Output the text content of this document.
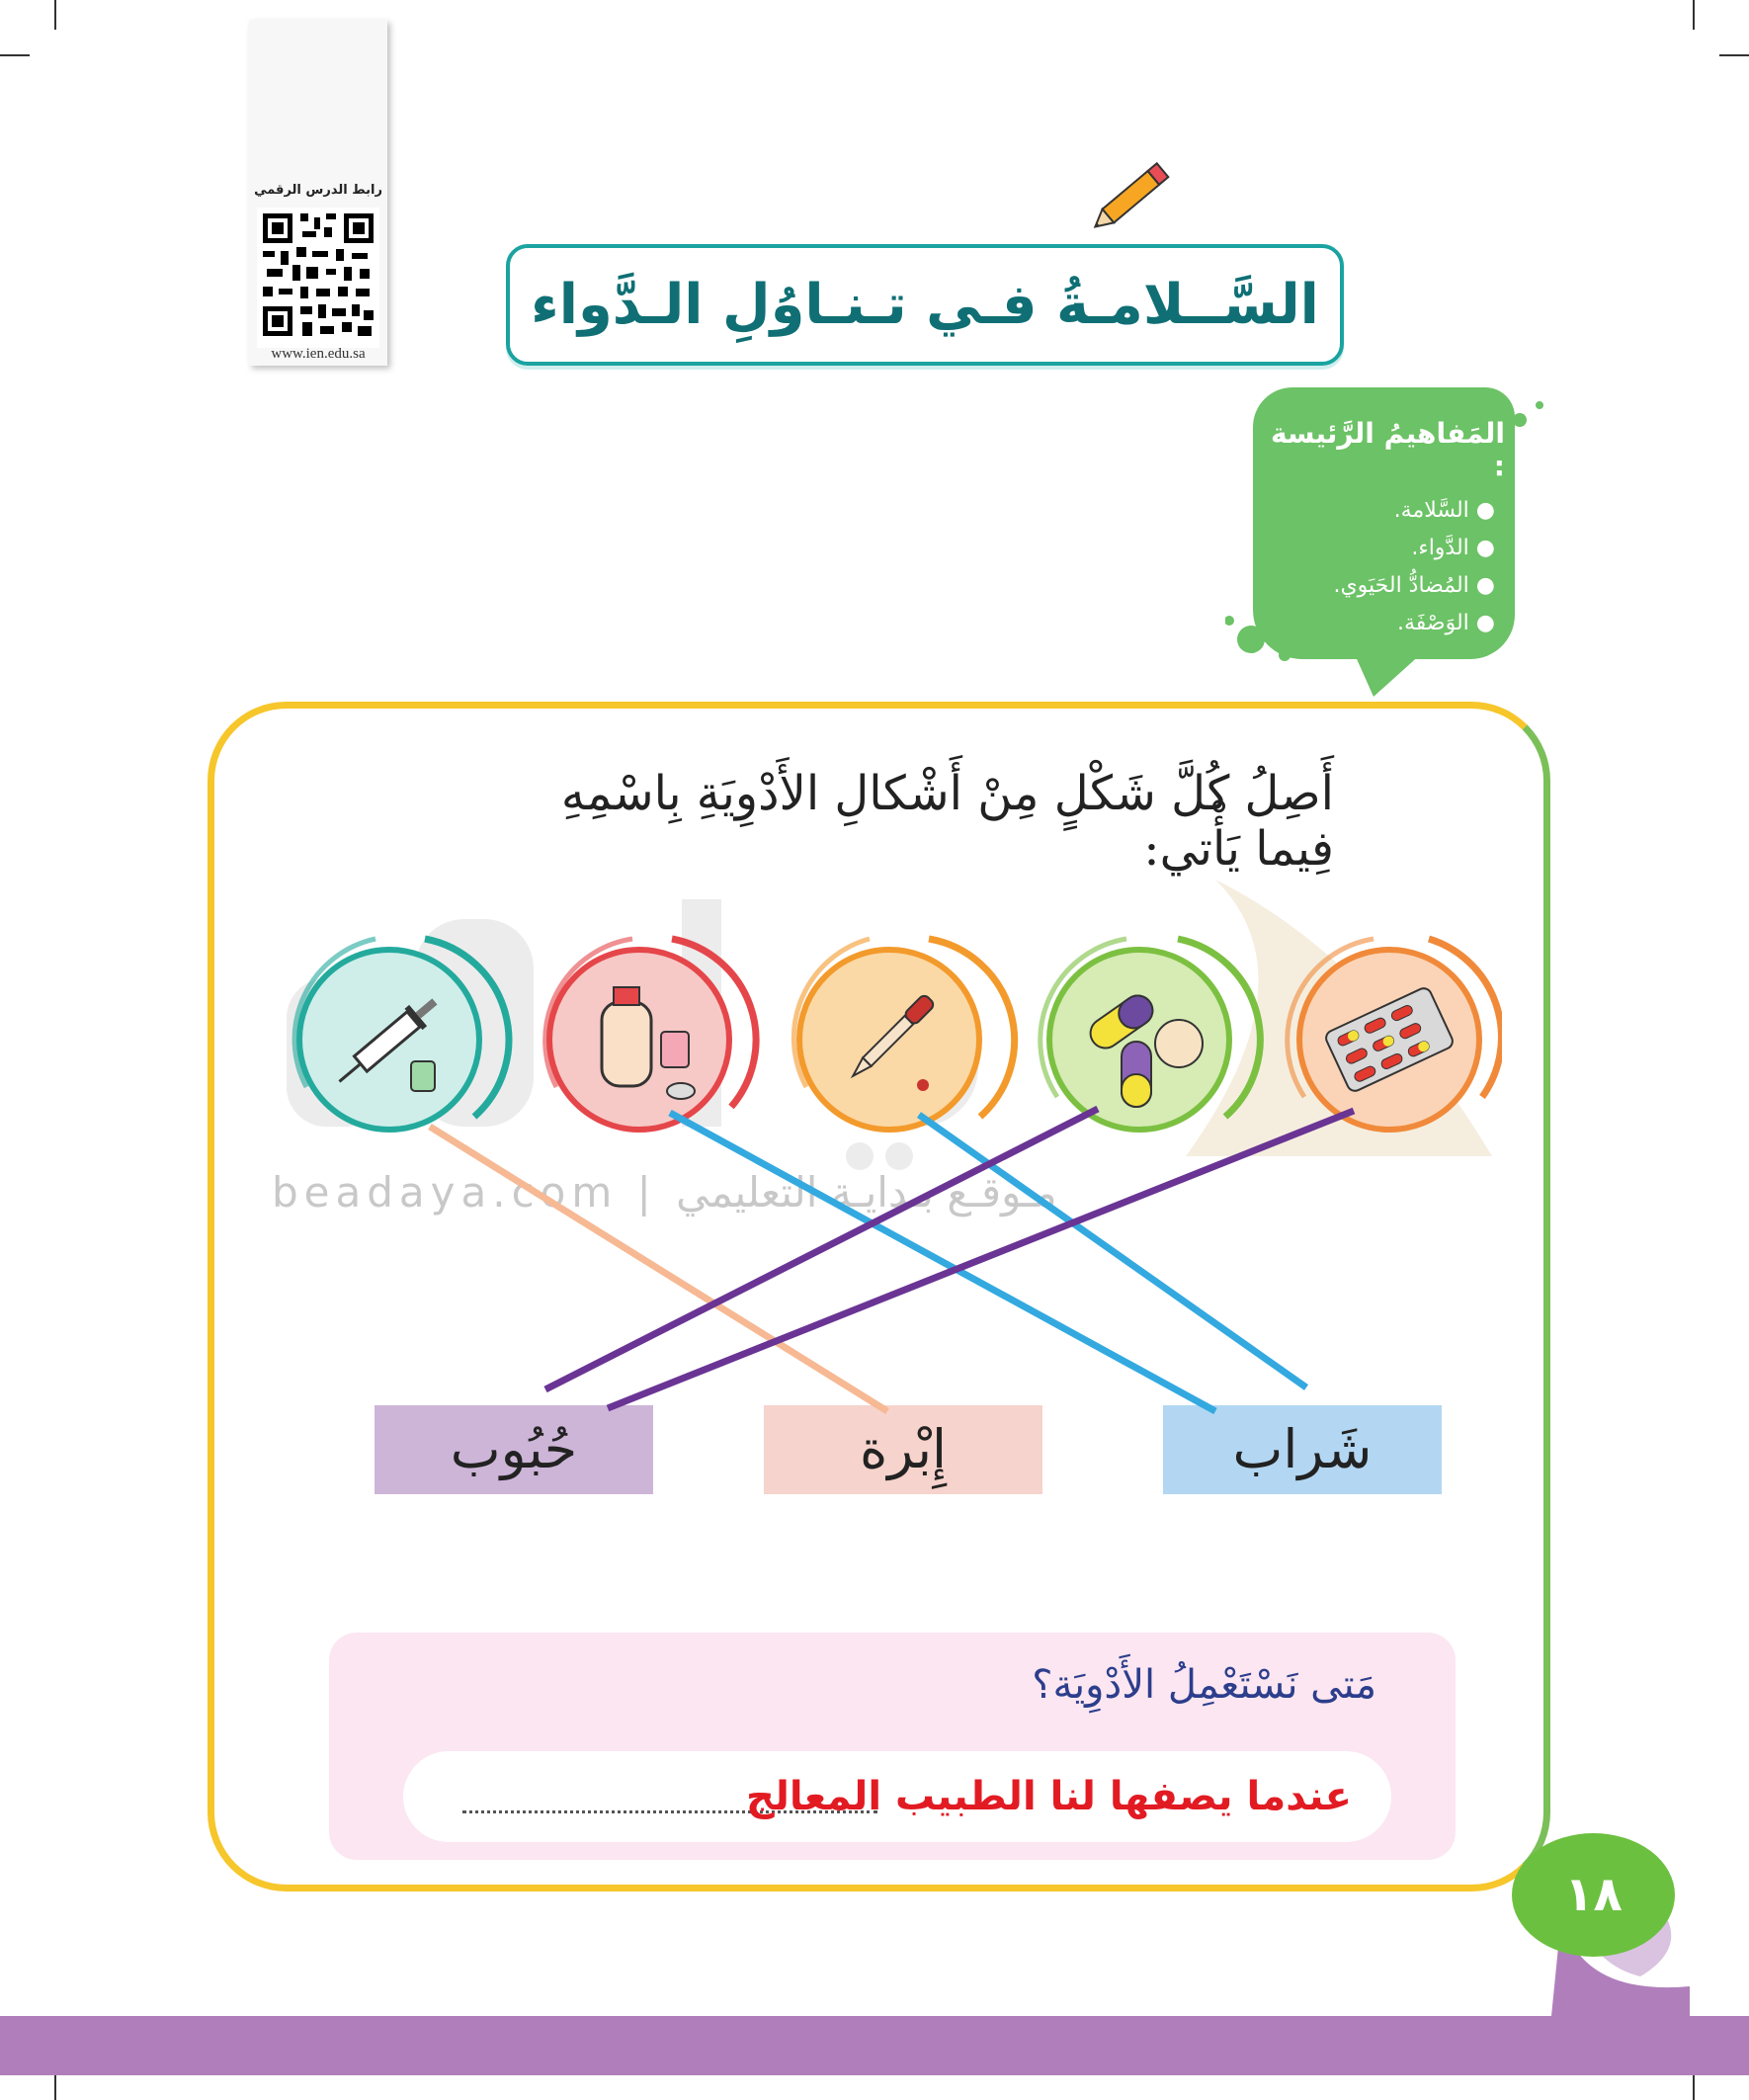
رابط الدرس الرقمي
www.ien.edu.sa
السَّــلامـةُ فـي تـنـاوُلِ الـدَّواء
المَفاهيمُ الرَّئيسة :
● السَّلامة.
● الدَّواء.
● المُضادُّ الحَيَوي.
● الوَصْفَة.
أَصِلُ كُلَّ شَكْلٍ مِنْ أَشْكالِ الأَدْوِيَةِ بِاسْمِهِ فِيما يَأْتي:
beadaya.com | مـوقـع بـدايـة التعليمي
شَراب
إِبْرة
حُبُوب
مَتى نَسْتَعْمِلُ الأَدْوِيَة؟
عندما يصفها لنا الطبيب المعالج
١٨
